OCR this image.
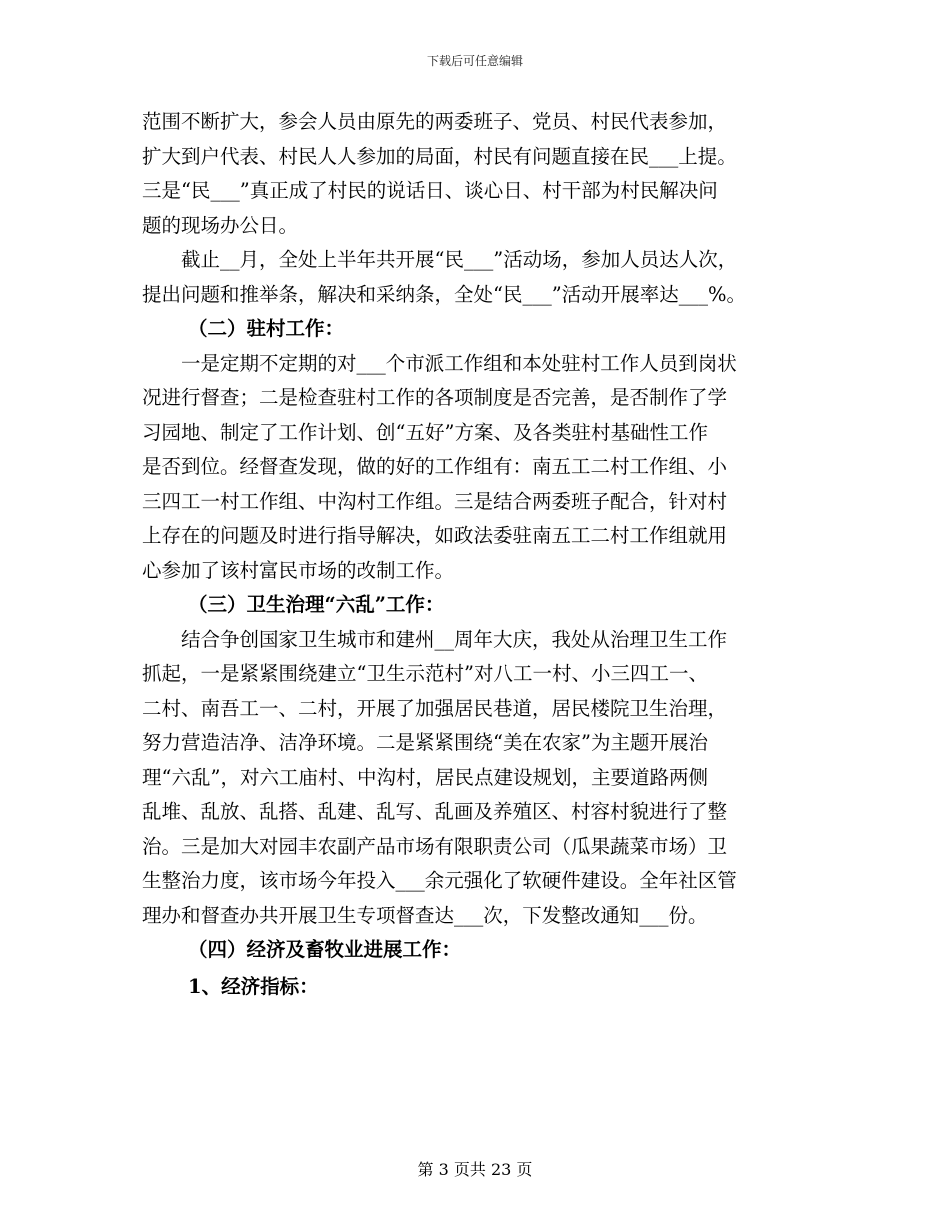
下载后可任意编辑
范围不断扩大，参会人员由原先的两委班子、党员、村民代表参加，
扩大到户代表、村民人人参加的局面，村民有问题直接在民___上提。
三是“民___”真正成了村民的说话日、谈心日、村干部为村民解决问
题的现场办公日。
截止__月，全处上半年共开展“民___”活动场，参加人员达人次，
提出问题和推举条，解决和采纳条，全处“民___”活动开展率达___%。
（二）驻村工作：
一是定期不定期的对___个市派工作组和本处驻村工作人员到岗状
况进行督查；二是检查驻村工作的各项制度是否完善，是否制作了学
习园地、制定了工作计划、创“五好”方案、及各类驻村基础性工作
是否到位。经督查发现，做的好的工作组有：南五工二村工作组、小
三四工一村工作组、中沟村工作组。三是结合两委班子配合，针对村
上存在的问题及时进行指导解决，如政法委驻南五工二村工作组就用
心参加了该村富民市场的改制工作。
（三）卫生治理“六乱”工作：
结合争创国家卫生城市和建州__周年大庆，我处从治理卫生工作
抓起，一是紧紧围绕建立“卫生示范村”对八工一村、小三四工一、
二村、南吾工一、二村，开展了加强居民巷道，居民楼院卫生治理，
努力营造洁净、洁净环境。二是紧紧围绕“美在农家”为主题开展治
理“六乱”，对六工庙村、中沟村，居民点建设规划，主要道路两侧
乱堆、乱放、乱搭、乱建、乱写、乱画及养殖区、村容村貌进行了整
治。三是加大对园丰农副产品市场有限职责公司（瓜果蔬菜市场）卫
生整治力度，该市场今年投入___余元强化了软硬件建设。全年社区管
理办和督查办共开展卫生专项督查达___次，下发整改通知___份。
（四）经济及畜牧业进展工作：
1、经济指标：
第 3 页共 23 页
